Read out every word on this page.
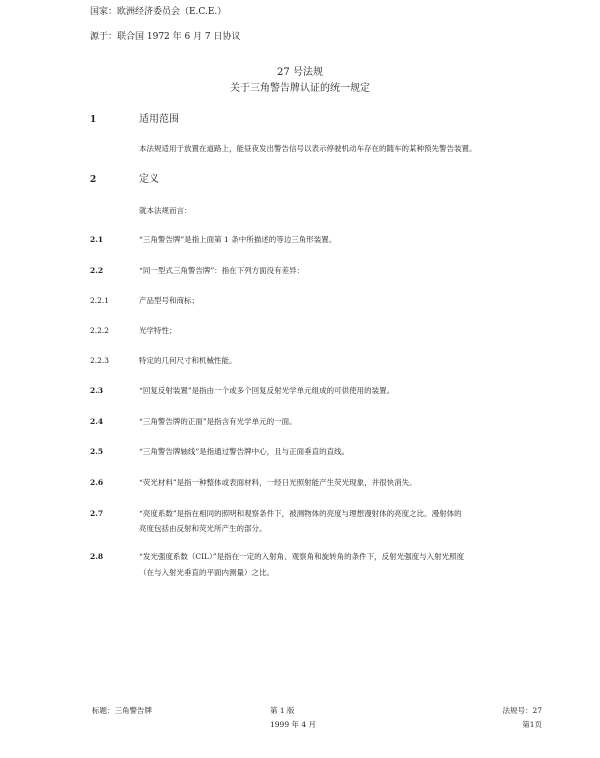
国家：欧洲经济委员会（E.C.E.）
源于：联合国 1972 年 6 月 7 日协议
27 号法规
关于三角警告牌认证的统一规定
1	适用范围
本法规适用于放置在道路上，能昼夜发出警告信号以表示停驶机动车存在的随车的某种预先警告装置。
2	定义
就本法规而言：
2.1	“三角警告牌”是指上面第 1 条中所描述的等边三角形装置。
2.2	“同一型式三角警告牌”：指在下列方面没有差异：
2.2.1	产品型号和商标；
2.2.2	光学特性；
2.2.3	特定的几何尺寸和机械性能。
2.3	“回复反射装置”是指由一个或多个回复反射光学单元组成的可供使用的装置。
2.4	“三角警告牌的正面”是指含有光学单元的一面。
2.5	“三角警告牌轴线”是指通过警告牌中心，且与正面垂直的直线。
2.6	“荧光材料”是指一种整体或表面材料，一经日光照射能产生荧光现象，并很快消失。
2.7	“亮度系数”是指在相同的照明和观察条件下，被测物体的亮度与理想漫射体的亮度之比。漫射体的
亮度包括由反射和荧光所产生的部分。
2.8	“发光强度系数（CIL）”是指在一定的入射角、观察角和旋转角的条件下，反射光强度与入射光照度
（在与入射光垂直的平面内测量）之比。
标题：三角警告牌	第 1 版
1999 年 4 月
法规号：27
第1页
